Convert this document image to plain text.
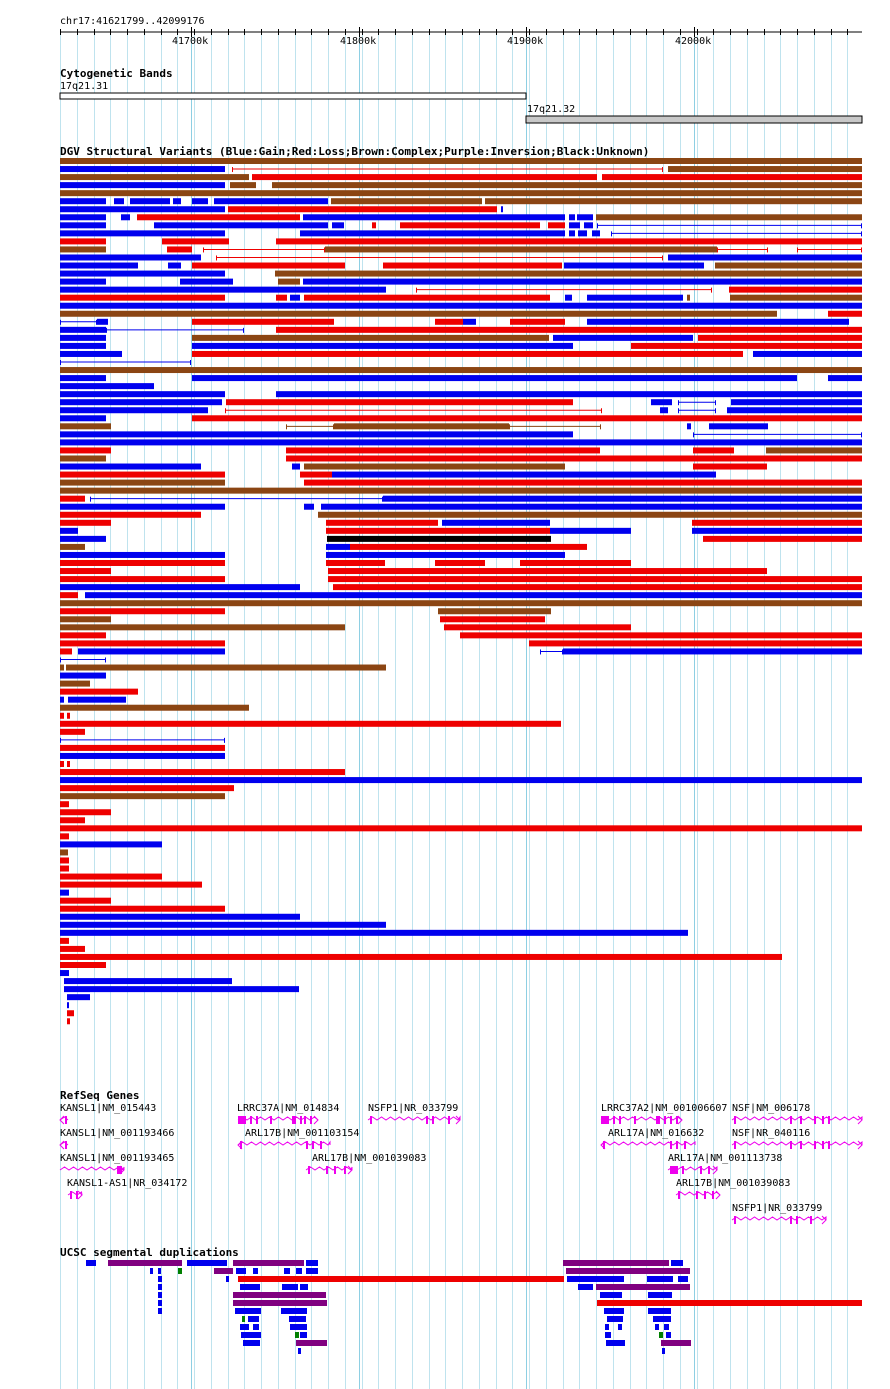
chr17:41621799..42099176
41700k	41800k	41900k	42000k
Cytogenetic Bands
17q21.31
17q21.32
DGV Structural Variants (Blue:Gain;Red:Loss;Brown:Complex;Purple:Inversion;Black:Unknown)
RefSeq Genes
KANSL1|NM_015443
KANSL1|NM_001193466
KANSL1|NM_001193465
KANSL1-AS1|NR_034172
LRRC37A|NM_014834
ARL17B|NM_001103154
ARL17B|NM_001039083
NSFP1|NR_033799	LRRC37A2|NM_001006607
ARL17A|NM_016632
ARL17A|NM_001113738
ARL17B|NM_001039083
NSF|NM_006178
NSF|NR_040116
NSFP1|NR_033799
UCSC segmental duplications
